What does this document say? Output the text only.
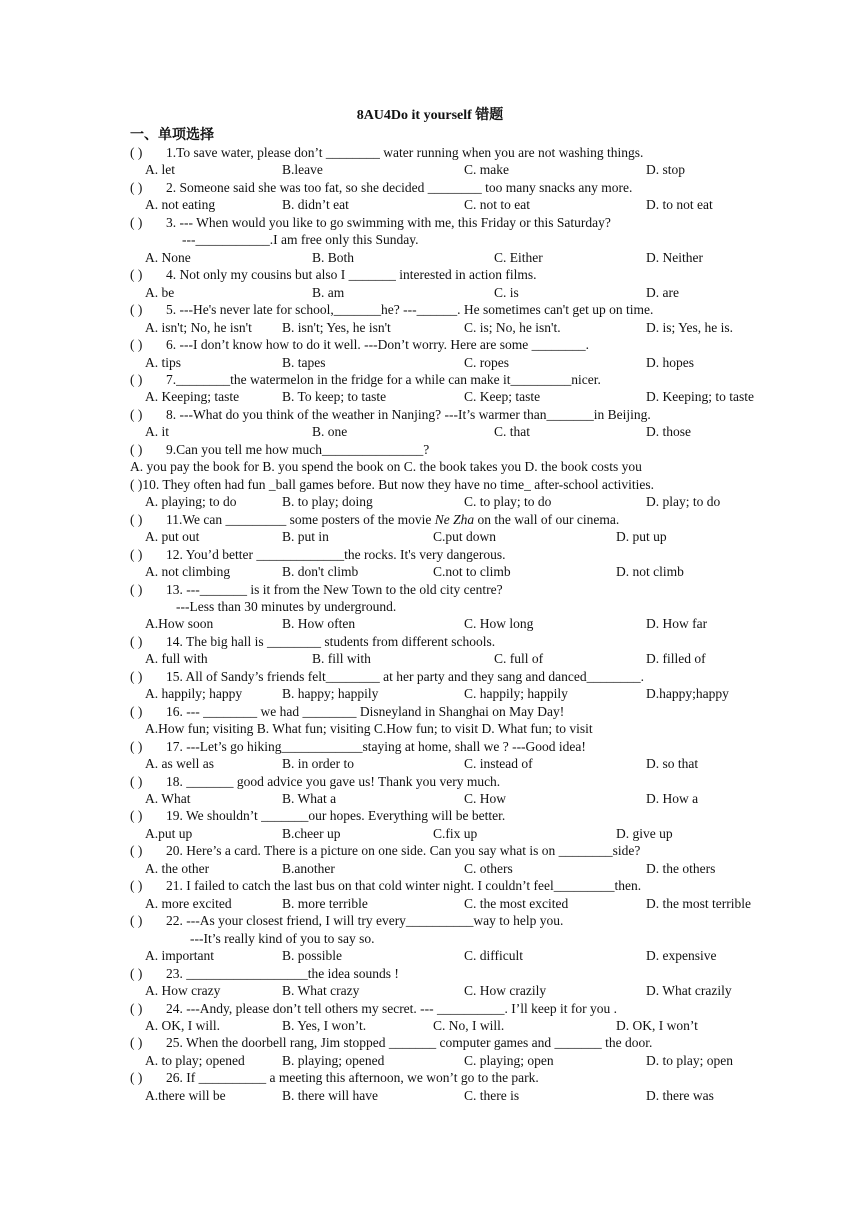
8AU4Do it yourself 错题
一、单项选择
( ) 1.To save water, please don’t ________ water running when you are not washing things.
A. let	B.leave	C. make	D. stop
( ) 2. Someone said she was too fat, so she decided ________ too many snacks any more.
A. not eating	B. didn’t eat	C. not to eat	D. to not eat
( ) 3. --- When would you like to go swimming with me, this Friday or this Saturday?
---___________.I am free only this Sunday.
A. None	B. Both	C. Either	D. Neither
( ) 4. Not only my cousins but also I _______ interested in action films.
A. be	B. am	C. is	D. are
( ) 5. ---He's never late for school,_______he? ---______. He sometimes can't get up on time.
A. isn't; No, he isn't B. isn't; Yes, he isn't	C. is; No, he isn't.	D. is; Yes, he is.
( ) 6. ---I don’t know how to do it well. ---Don’t worry. Here are some ________.
A. tips	B. tapes	C. ropes	D. hopes
( ) 7.________the watermelon in the fridge for a while can make it_________nicer.
A. Keeping; taste	B. To keep; to taste	C. Keep; taste	D. Keeping; to taste
( ) 8. ---What do you think of the weather in Nanjing? ---It’s warmer than_______in Beijing.
A. it	B. one	C. that	D. those
( ) 9.Can you tell me how much_______________?
A. you pay the book for B. you spend the book on C. the book takes you D. the book costs you
( )10. They often had fun _ball games before. But now they have no time_ after-school activities.
A. playing; to do	B. to play; doing	C. to play; to do	D. play; to do
( ) 11.We can _________ some posters of the movie Ne Zha on the wall of our cinema.
A. put out	B. put in	C.put down	D. put up
( ) 12. You’d better _____________the rocks. It's very dangerous.
A. not climbing	B. don't climb	C.not to climb	D. not climb
( ) 13. ---_______ is it from the New Town to the old city centre?
---Less than 30 minutes by underground.
A.How soon	B. How often	C. How long	D. How far
( ) 14. The big hall is ________ students from different schools.
A. full with	B. fill with	C. full of	D. filled of
( ) 15. All of Sandy’s friends felt________ at her party and they sang and danced________.
A. happily; happy	B. happy; happily	C. happily; happily	D.happy;happy
( ) 16. --- ________ we had ________ Disneyland in Shanghai on May Day!
A.How fun; visiting B. What fun; visiting C.How fun; to visit D. What fun; to visit
( ) 17. ---Let’s go hiking____________staying at home, shall we ? ---Good idea!
A. as well as	B. in order to	C. instead of	D. so that
( ) 18. _______ good advice you gave us! Thank you very much.
A. What	B. What a	C. How	D. How a
( ) 19. We shouldn’t _______our hopes. Everything will be better.
A.put up	B.cheer up	C.fix up	D. give up
( ) 20. Here’s a card. There is a picture on one side. Can you say what is on ________side?
A. the other	B.another	C. others	D. the others
( ) 21. I failed to catch the last bus on that cold winter night. I couldn’t feel_________then.
A. more excited	B. more terrible	C. the most excited	D. the most terrible
( ) 22. ---As your closest friend, I will try every__________way to help you.
---It’s really kind of you to say so.
A. important	B. possible	C. difficult	D. expensive
( ) 23. __________________the idea sounds !
A. How crazy	B. What crazy	C. How crazily	D. What crazily
( ) 24. ---Andy, please don’t tell others my secret. --- __________. I’ll keep it for you .
A. OK, I will.	B. Yes, I won’t.	C. No, I will.	D. OK, I won’t
( ) 25. When the doorbell rang, Jim stopped _______ computer games and _______ the door.
A. to play; opened	B. playing; opened	C. playing; open	D. to play; open
( ) 26. If __________ a meeting this afternoon, we won’t go to the park.
A.there will be	B. there will have	C. there is	D. there was
